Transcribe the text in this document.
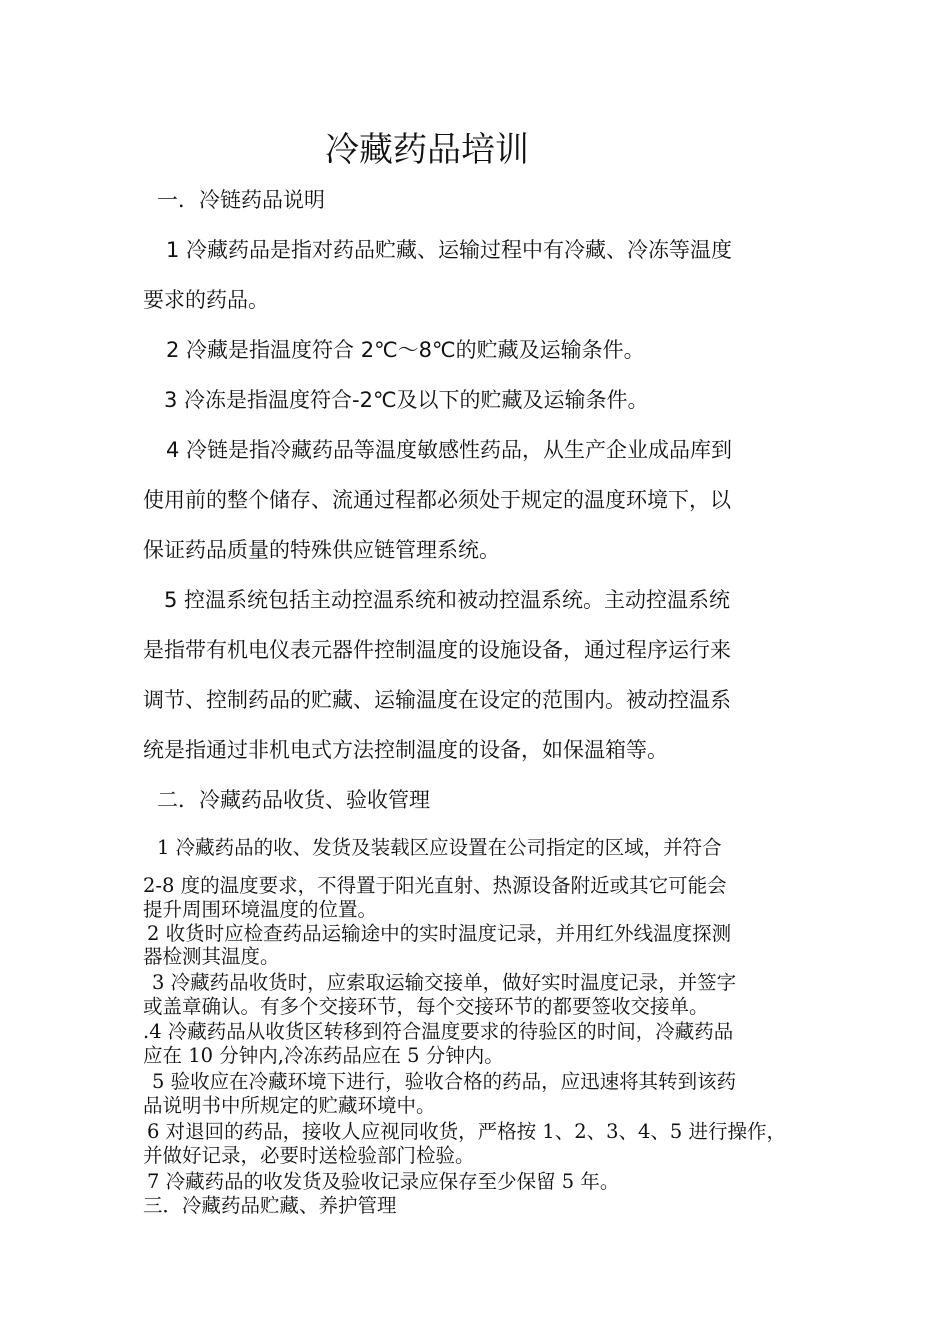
冷藏药品培训
一．冷链药品说明
1 冷藏药品是指对药品贮藏、运输过程中有冷藏、冷冻等温度
要求的药品。
2 冷藏是指温度符合 2℃～8℃的贮藏及运输条件。
3 冷冻是指温度符合-2℃及以下的贮藏及运输条件。
4 冷链是指冷藏药品等温度敏感性药品，从生产企业成品库到
使用前的整个储存、流通过程都必须处于规定的温度环境下，以
保证药品质量的特殊供应链管理系统。
5 控温系统包括主动控温系统和被动控温系统。主动控温系统
是指带有机电仪表元器件控制温度的设施设备，通过程序运行来
调节、控制药品的贮藏、运输温度在设定的范围内。被动控温系
统是指通过非机电式方法控制温度的设备，如保温箱等。
二．冷藏药品收货、验收管理
1 冷藏药品的收、发货及装载区应设置在公司指定的区域，并符合
2-8 度的温度要求，不得置于阳光直射、热源设备附近或其它可能会
提升周围环境温度的位置。
2 收货时应检查药品运输途中的实时温度记录，并用红外线温度探测
器检测其温度。
3 冷藏药品收货时，应索取运输交接单，做好实时温度记录，并签字
或盖章确认。有多个交接环节，每个交接环节的都要签收交接单。
.4 冷藏药品从收货区转移到符合温度要求的待验区的时间，冷藏药品
应在 10 分钟内,冷冻药品应在 5 分钟内。
5 验收应在冷藏环境下进行，验收合格的药品，应迅速将其转到该药
品说明书中所规定的贮藏环境中。
6 对退回的药品，接收人应视同收货，严格按 1、2、3、4、5 进行操作，
并做好记录，必要时送检验部门检验。
7 冷藏药品的收发货及验收记录应保存至少保留 5 年。
三．冷藏药品贮藏、养护管理
